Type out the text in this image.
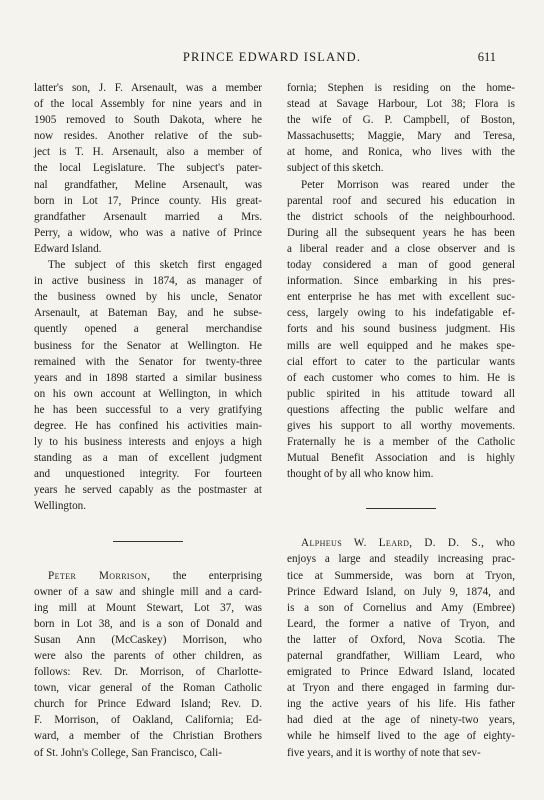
PRINCE EDWARD ISLAND.	611

latter's son, J. F. Arsenault, was a member
of the local Assembly for nine years and in
1905 removed to South Dakota, where he
now resides. Another relative of the sub-
ject is T. H. Arsenault, also a member of
the local Legislature. The subject's pater-
nal grandfather, Meline Arsenault, was
born in Lot 17, Prince county. His great-
grandfather Arsenault married a Mrs.
Perry, a widow, who was a native of Prince
Edward Island.

The subject of this sketch first engaged
in active business in 1874, as manager of
the business owned by his uncle, Senator
Arsenault, at Bateman Bay, and he subse-
quently opened a general merchandise
business for the Senator at Wellington. He
remained with the Senator for twenty-three
years and in 1898 started a similar business
on his own account at Wellington, in which
he has been successful to a very gratifying
degree. He has confined his activities main-
ly to his business interests and enjoys a high
standing as a man of excellent judgment
and unquestioned integrity. For fourteen
years he served capably as the postmaster at
Wellington.

Peter Morrison, the enterprising
owner of a saw and shingle mill and a card-
ing mill at Mount Stewart, Lot 37, was
born in Lot 38, and is a son of Donald and
Susan Ann (McCaskey) Morrison, who
were also the parents of other children, as
follows: Rev. Dr. Morrison, of Charlotte-
town, vicar general of the Roman Catholic
church for Prince Edward Island; Rev. D.
F. Morrison, of Oakland, California; Ed-
ward, a member of the Christian Brothers
of St. John's College, San Francisco, Cali-

fornia; Stephen is residing on the home-
stead at Savage Harbour, Lot 38; Flora is
the wife of G. P. Campbell, of Boston,
Massachusetts; Maggie, Mary and Teresa,
at home, and Ronica, who lives with the
subject of this sketch.

Peter Morrison was reared under the
parental roof and secured his education in
the district schools of the neighbourhood.
During all the subsequent years he has been
a liberal reader and a close observer and is
today considered a man of good general
information. Since embarking in his pres-
ent enterprise he has met with excellent suc-
cess, largely owing to his indefatigable ef-
forts and his sound business judgment. His
mills are well equipped and he makes spe-
cial effort to cater to the particular wants
of each customer who comes to him. He is
public spirited in his attitude toward all
questions affecting the public welfare and
gives his support to all worthy movements.
Fraternally he is a member of the Catholic
Mutual Benefit Association and is highly
thought of by all who know him.

Alpheus W. Leard, D. D. S., who
enjoys a large and steadily increasing prac-
tice at Summerside, was born at Tryon,
Prince Edward Island, on July 9, 1874, and
is a son of Cornelius and Amy (Embree)
Leard, the former a native of Tryon, and
the latter of Oxford, Nova Scotia. The
paternal grandfather, William Leard, who
emigrated to Prince Edward Island, located
at Tryon and there engaged in farming dur-
ing the active years of his life. His father
had died at the age of ninety-two years,
while he himself lived to the age of eighty-
five years, and it is worthy of note that sev-
